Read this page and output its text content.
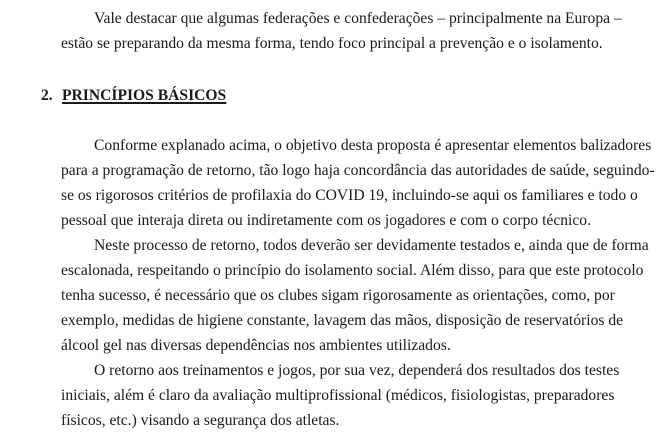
Vale destacar que algumas federações e confederações – principalmente na Europa –
estão se preparando da mesma forma, tendo foco principal a prevenção e o isolamento.
2. PRINCÍPIOS BÁSICOS
Conforme explanado acima, o objetivo desta proposta é apresentar elementos balizadores
para a programação de retorno, tão logo haja concordância das autoridades de saúde, seguindo-
se os rigorosos critérios de profilaxia do COVID 19, incluindo-se aqui os familiares e todo o
pessoal que interaja direta ou indiretamente com os jogadores e com o corpo técnico.
Neste processo de retorno, todos deverão ser devidamente testados e, ainda que de forma
escalonada, respeitando o princípio do isolamento social. Além disso, para que este protocolo
tenha sucesso, é necessário que os clubes sigam rigorosamente as orientações, como, por
exemplo, medidas de higiene constante, lavagem das mãos, disposição de reservatórios de
álcool gel nas diversas dependências nos ambientes utilizados.
O retorno aos treinamentos e jogos, por sua vez, dependerá dos resultados dos testes
iniciais, além é claro da avaliação multiprofissional (médicos, fisiologistas, preparadores
físicos, etc.) visando a segurança dos atletas.
